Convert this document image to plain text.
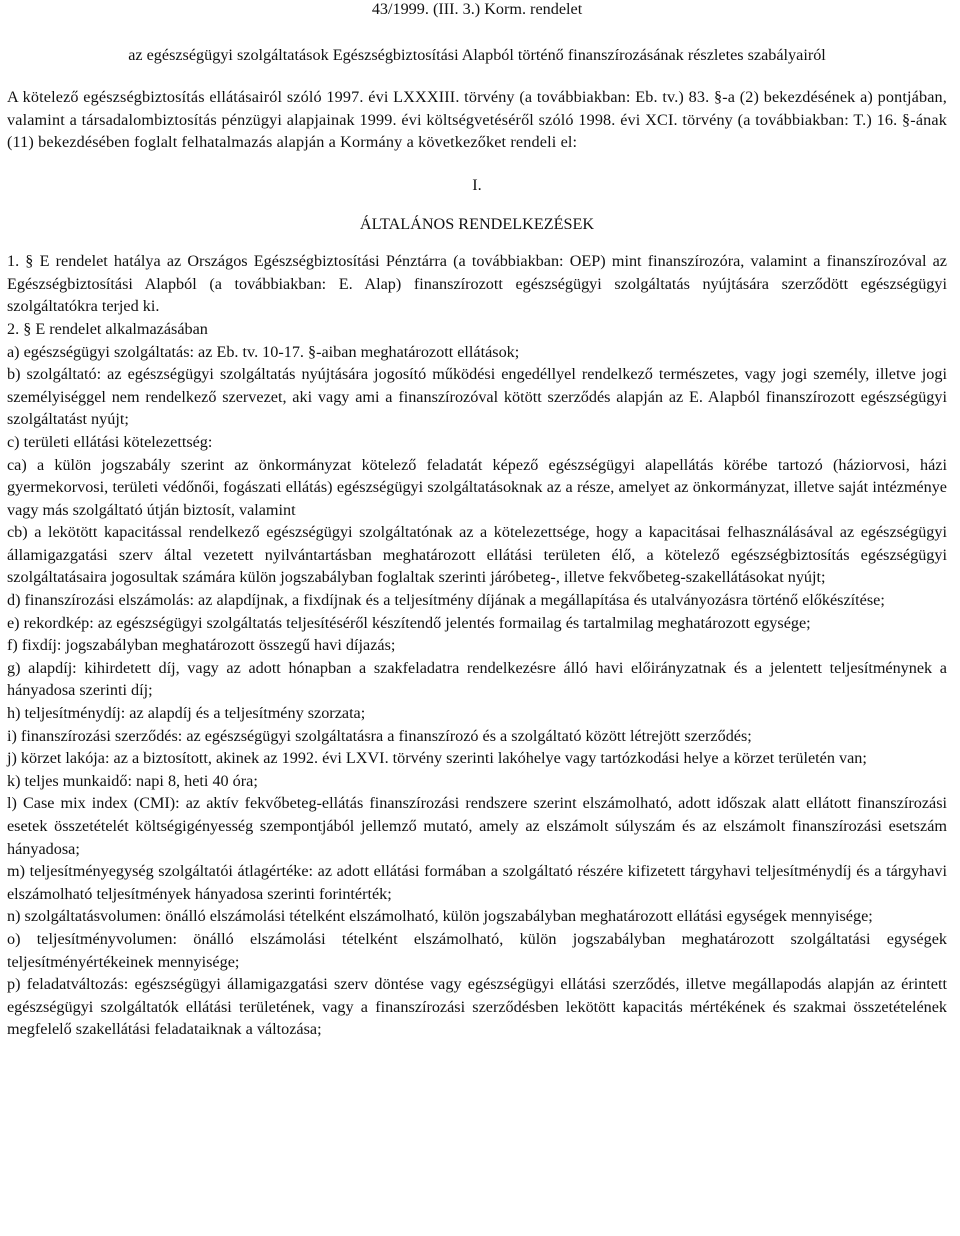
43/1999. (III. 3.) Korm. rendelet
az egészségügyi szolgáltatások Egészségbiztosítási Alapból történő finanszírozásának részletes szabályairól
A kötelező egészségbiztosítás ellátásairól szóló 1997. évi LXXXIII. törvény (a továbbiakban: Eb. tv.) 83. §-a (2) bekezdésének a) pontjában, valamint a társadalombiztosítás pénzügyi alapjainak 1999. évi költségvetéséről szóló 1998. évi XCI. törvény (a továbbiakban: T.) 16. §-ának (11) bekezdésében foglalt felhatalmazás alapján a Kormány a következőket rendeli el:
I.
ÁLTALÁNOS RENDELKEZÉSEK

1. § E rendelet hatálya az Országos Egészségbiztosítási Pénztárra (a továbbiakban: OEP) mint finanszírozóra, valamint a finanszírozóval az Egészségbiztosítási Alapból (a továbbiakban: E. Alap) finanszírozott egészségügyi szolgáltatás nyújtására szerződött egészségügyi szolgáltatókra terjed ki.

2. § E rendelet alkalmazásában

a) egészségügyi szolgáltatás: az Eb. tv. 10-17. §-aiban meghatározott ellátások;

b) szolgáltató: az egészségügyi szolgáltatás nyújtására jogosító működési engedéllyel rendelkező természetes, vagy jogi személy, illetve jogi személyiséggel nem rendelkező szervezet, aki vagy ami a finanszírozóval kötött szerződés alapján az E. Alapból finanszírozott egészségügyi szolgáltatást nyújt;

c) területi ellátási kötelezettség:

ca) a külön jogszabály szerint az önkormányzat kötelező feladatát képező egészségügyi alapellátás körébe tartozó (háziorvosi, házi gyermekorvosi, területi védőnői, fogászati ellátás) egészségügyi szolgáltatásoknak az a része, amelyet az önkormányzat, illetve saját intézménye vagy más szolgáltató útján biztosít, valamint

cb) a lekötött kapacitással rendelkező egészségügyi szolgáltatónak az a kötelezettsége, hogy a kapacitásai felhasználásával az egészségügyi államigazgatási szerv által vezetett nyilvántartásban meghatározott ellátási területen élő, a kötelező egészségbiztosítás egészségügyi szolgáltatásaira jogosultak számára külön jogszabályban foglaltak szerinti járóbeteg-, illetve fekvőbeteg-szakellátásokat nyújt;

d) finanszírozási elszámolás: az alapdíjnak, a fixdíjnak és a teljesítmény díjának a megállapítása és utalványozásra történő előkészítése;

e) rekordkép: az egészségügyi szolgáltatás teljesítéséről készítendő jelentés formailag és tartalmilag meghatározott egysége;

f) fixdíj: jogszabályban meghatározott összegű havi díjazás;

g) alapdíj: kihirdetett díj, vagy az adott hónapban a szakfeladatra rendelkezésre álló havi előirányzatnak és a jelentett teljesítménynek a hányadosa szerinti díj;

h) teljesítménydíj: az alapdíj és a teljesítmény szorzata;

i) finanszírozási szerződés: az egészségügyi szolgáltatásra a finanszírozó és a szolgáltató között létrejött szerződés;

j) körzet lakója: az a biztosított, akinek az 1992. évi LXVI. törvény szerinti lakóhelye vagy tartózkodási helye a körzet területén van;

k) teljes munkaidő: napi 8, heti 40 óra;

l) Case mix index (CMI): az aktív fekvőbeteg-ellátás finanszírozási rendszere szerint elszámolható, adott időszak alatt ellátott finanszírozási esetek összetételét költségigényesség szempontjából jellemző mutató, amely az elszámolt súlyszám és az elszámolt finanszírozási esetszám hányadosa;

m) teljesítményegység szolgáltatói átlagértéke: az adott ellátási formában a szolgáltató részére kifizetett tárgyhavi teljesítménydíj és a tárgyhavi elszámolható teljesítmények hányadosa szerinti forintérték;

n) szolgáltatásvolumen: önálló elszámolási tételként elszámolható, külön jogszabályban meghatározott ellátási egységek mennyisége;

o) teljesítményvolumen: önálló elszámolási tételként elszámolható, külön jogszabályban meghatározott szolgáltatási egységek teljesítményértékeinek mennyisége;

p) feladatváltozás: egészségügyi államigazgatási szerv döntése vagy egészségügyi ellátási szerződés, illetve megállapodás alapján az érintett egészségügyi szolgáltatók ellátási területének, vagy a finanszírozási szerződésben lekötött kapacitás mértékének és szakmai összetételének megfelelő szakellátási feladataiknak a változása;
